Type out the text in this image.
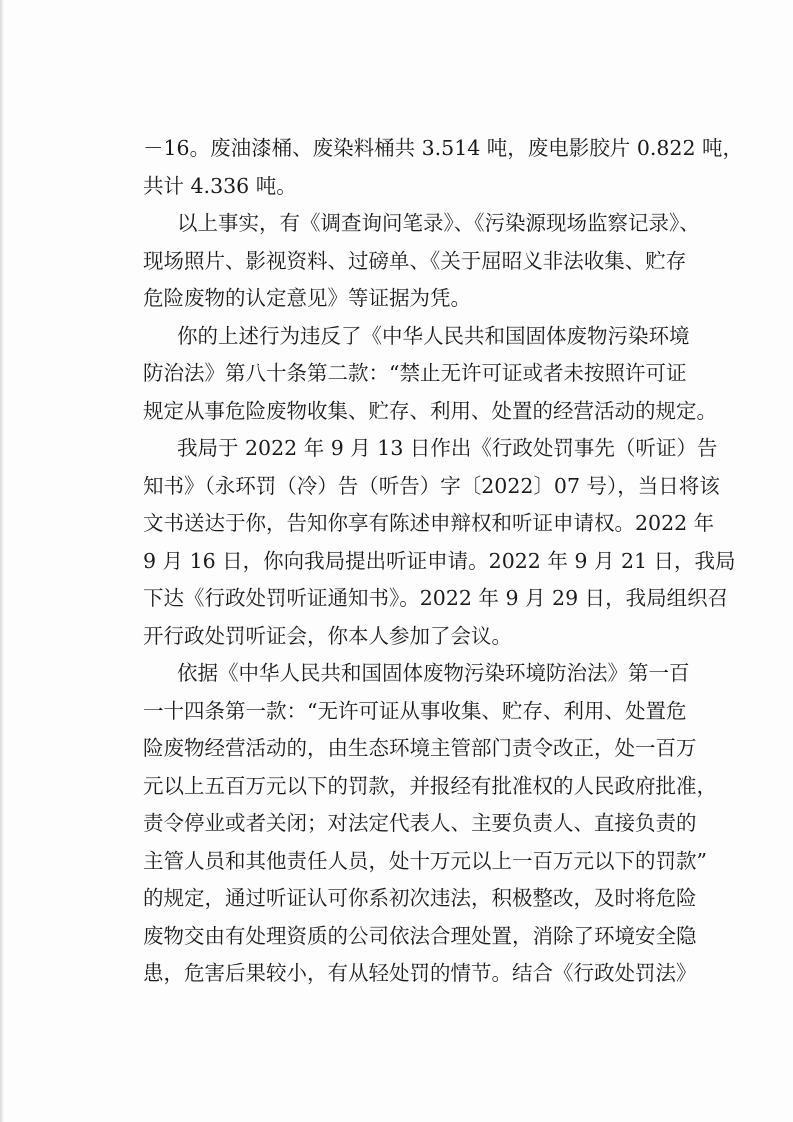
－16。废油漆桶、废染料桶共 3.514 吨，废电影胶片 0.822 吨，
共计 4.336 吨。
以上事实，有《调查询问笔录》、《污染源现场监察记录》、
现场照片、影视资料、过磅单、《关于屈昭义非法收集、贮存
危险废物的认定意见》等证据为凭。
你的上述行为违反了《中华人民共和国固体废物污染环境
防治法》第八十条第二款：“禁止无许可证或者未按照许可证
规定从事危险废物收集、贮存、利用、处置的经营活动的规定。
我局于 2022 年 9 月 13 日作出《行政处罚事先（听证）告
知书》（永环罚（冷）告（听告）字〔2022〕07 号），当日将该
文书送达于你，告知你享有陈述申辩权和听证申请权。2022 年
9 月 16 日，你向我局提出听证申请。2022 年 9 月 21 日，我局
下达《行政处罚听证通知书》。2022 年 9 月 29 日，我局组织召
开行政处罚听证会，你本人参加了会议。
依据《中华人民共和国固体废物污染环境防治法》第一百
一十四条第一款：“无许可证从事收集、贮存、利用、处置危
险废物经营活动的，由生态环境主管部门责令改正，处一百万
元以上五百万元以下的罚款，并报经有批准权的人民政府批准，
责令停业或者关闭；对法定代表人、主要负责人、直接负责的
主管人员和其他责任人员，处十万元以上一百万元以下的罚款”
的规定，通过听证认可你系初次违法，积极整改，及时将危险
废物交由有处理资质的公司依法合理处置，消除了环境安全隐
患，危害后果较小，有从轻处罚的情节。结合《行政处罚法》
